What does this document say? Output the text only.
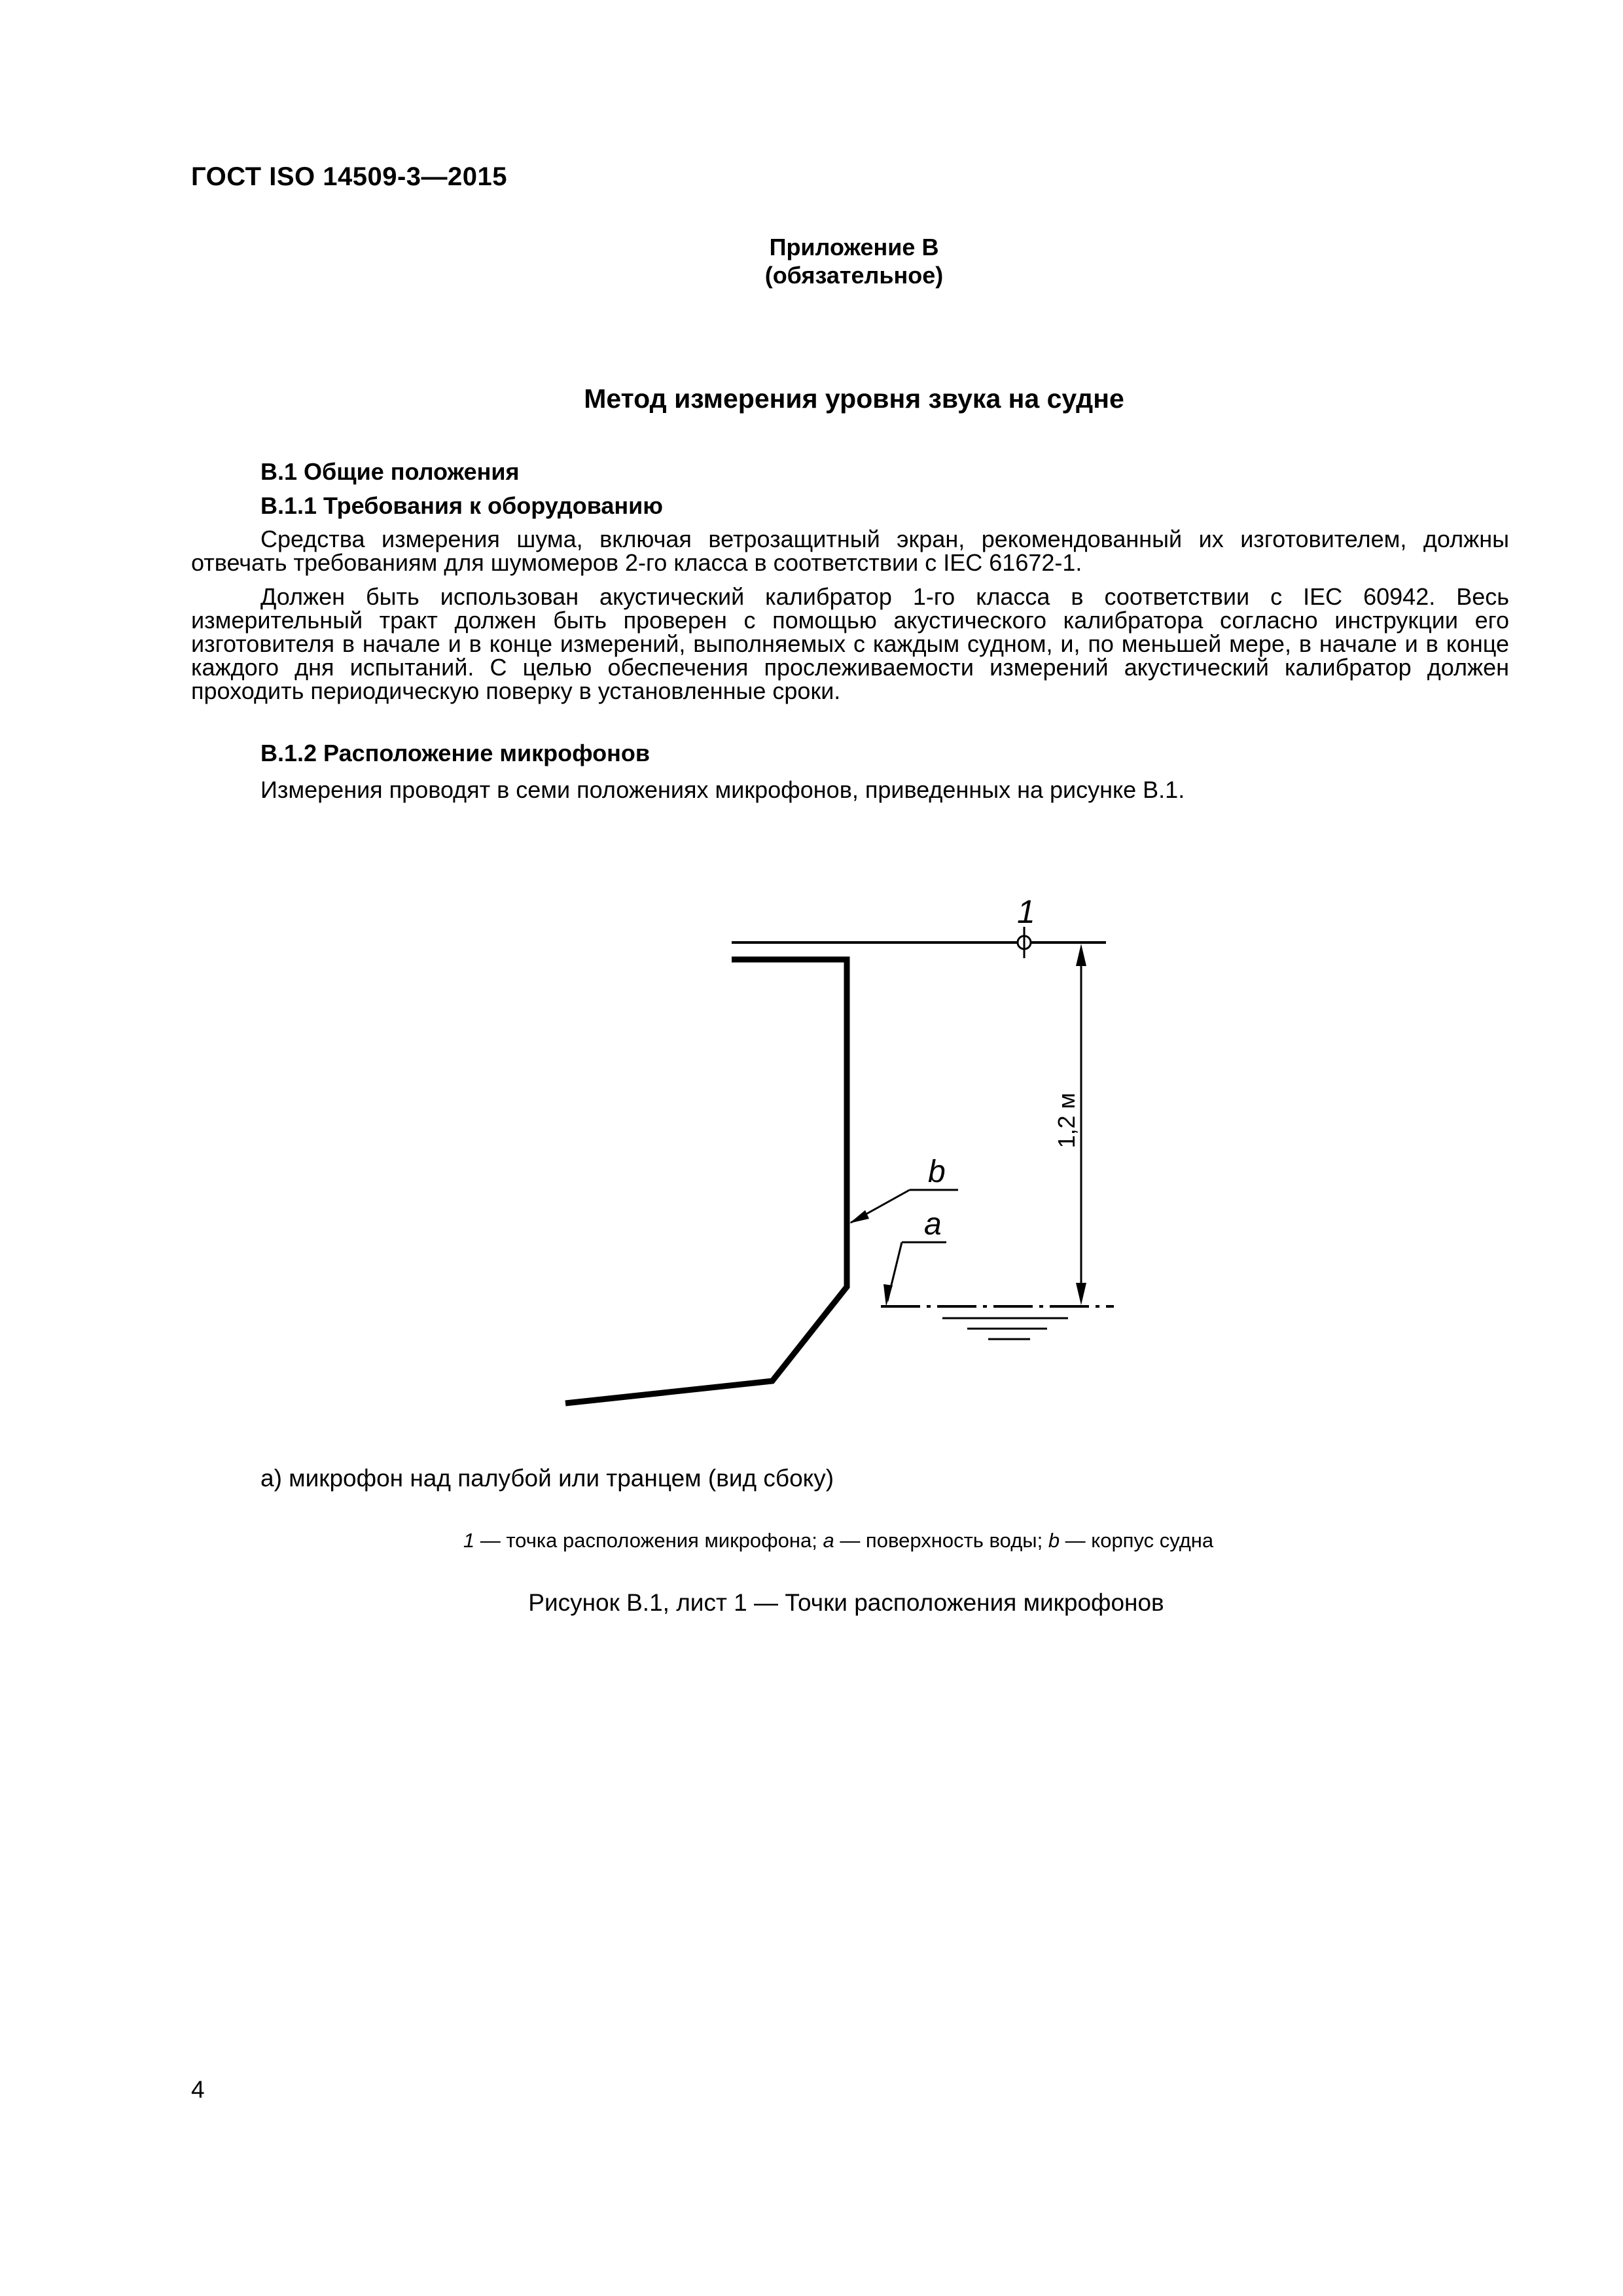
ГОСТ ISO 14509-3—2015
Приложение В
(обязательное)
Метод измерения уровня звука на судне
В.1 Общие положения
В.1.1 Требования к оборудованию
Средства измерения шума, включая ветрозащитный экран, рекомендованный их изготовителем, должны отвечать требованиям для шумомеров 2-го класса в соответствии с IEC 61672-1.
Должен быть использован акустический калибратор 1-го класса в соответствии с IEC 60942. Весь измерительный тракт должен быть проверен с помощью акустического калибратора согласно инструкции его изготовителя в начале и в конце измерений, выполняемых с каждым судном, и, по меньшей мере, в начале и в конце каждого дня испытаний. С целью обеспечения прослеживаемости измерений акустический калибратор должен проходить периодическую поверку в установленные сроки.
В.1.2 Расположение микрофонов
Измерения проводят в семи положениях микрофонов, приведенных на рисунке В.1.
1
1,2 м
b
a
а) микрофон над палубой или транцем (вид сбоку)
1 — точка расположения микрофона; а — поверхность воды; b — корпус судна
Рисунок В.1, лист 1 — Точки расположения микрофонов
4
